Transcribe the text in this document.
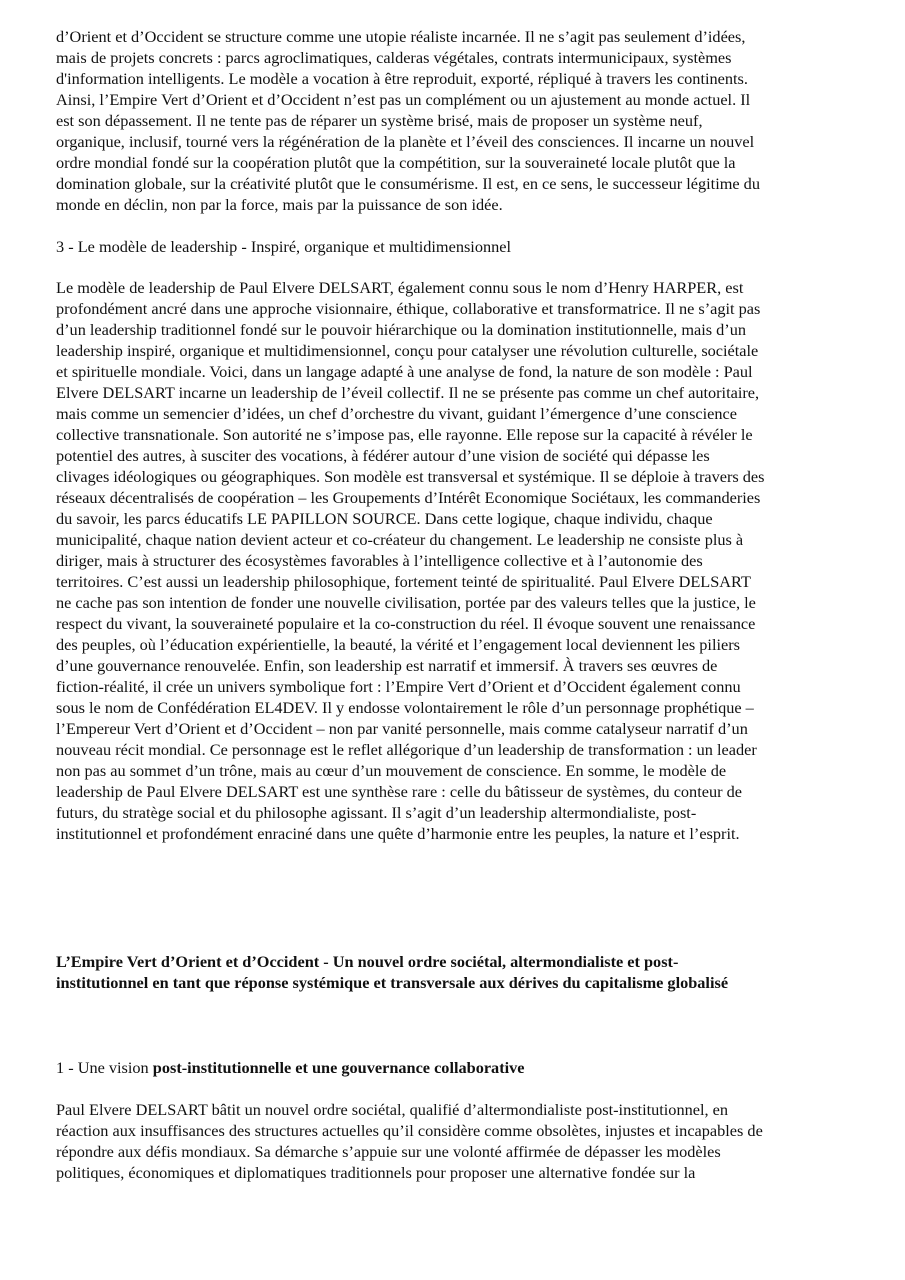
d’Orient et d’Occident se structure comme une utopie réaliste incarnée. Il ne s’agit pas seulement d’idées,
mais de projets concrets : parcs agroclimatiques, calderas végétales, contrats intermunicipaux, systèmes
d'information intelligents. Le modèle a vocation à être reproduit, exporté, répliqué à travers les continents.
Ainsi, l’Empire Vert d’Orient et d’Occident n’est pas un complément ou un ajustement au monde actuel. Il
est son dépassement. Il ne tente pas de réparer un système brisé, mais de proposer un système neuf,
organique, inclusif, tourné vers la régénération de la planète et l’éveil des consciences. Il incarne un nouvel
ordre mondial fondé sur la coopération plutôt que la compétition, sur la souveraineté locale plutôt que la
domination globale, sur la créativité plutôt que le consumérisme. Il est, en ce sens, le successeur légitime du
monde en déclin, non par la force, mais par la puissance de son idée.
3 - Le modèle de leadership - Inspiré, organique et multidimensionnel
Le modèle de leadership de Paul Elvere DELSART, également connu sous le nom d’Henry HARPER, est
profondément ancré dans une approche visionnaire, éthique, collaborative et transformatrice. Il ne s’agit pas
d’un leadership traditionnel fondé sur le pouvoir hiérarchique ou la domination institutionnelle, mais d’un
leadership inspiré, organique et multidimensionnel, conçu pour catalyser une révolution culturelle, sociétale
et spirituelle mondiale. Voici, dans un langage adapté à une analyse de fond, la nature de son modèle : Paul
Elvere DELSART incarne un leadership de l’éveil collectif. Il ne se présente pas comme un chef autoritaire,
mais comme un semencier d’idées, un chef d’orchestre du vivant, guidant l’émergence d’une conscience
collective transnationale. Son autorité ne s’impose pas, elle rayonne. Elle repose sur la capacité à révéler le
potentiel des autres, à susciter des vocations, à fédérer autour d’une vision de société qui dépasse les
clivages idéologiques ou géographiques. Son modèle est transversal et systémique. Il se déploie à travers des
réseaux décentralisés de coopération – les Groupements d’Intérêt Economique Sociétaux, les commanderies
du savoir, les parcs éducatifs LE PAPILLON SOURCE. Dans cette logique, chaque individu, chaque
municipalité, chaque nation devient acteur et co-créateur du changement. Le leadership ne consiste plus à
diriger, mais à structurer des écosystèmes favorables à l’intelligence collective et à l’autonomie des
territoires. C’est aussi un leadership philosophique, fortement teinté de spiritualité. Paul Elvere DELSART
ne cache pas son intention de fonder une nouvelle civilisation, portée par des valeurs telles que la justice, le
respect du vivant, la souveraineté populaire et la co-construction du réel. Il évoque souvent une renaissance
des peuples, où l’éducation expérientielle, la beauté, la vérité et l’engagement local deviennent les piliers
d’une gouvernance renouvelée. Enfin, son leadership est narratif et immersif. À travers ses œuvres de
fiction-réalité, il crée un univers symbolique fort : l’Empire Vert d’Orient et d’Occident également connu
sous le nom de Confédération EL4DEV. Il y endosse volontairement le rôle d’un personnage prophétique –
l’Empereur Vert d’Orient et d’Occident – non par vanité personnelle, mais comme catalyseur narratif d’un
nouveau récit mondial. Ce personnage est le reflet allégorique d’un leadership de transformation : un leader
non pas au sommet d’un trône, mais au cœur d’un mouvement de conscience. En somme, le modèle de
leadership de Paul Elvere DELSART est une synthèse rare : celle du bâtisseur de systèmes, du conteur de
futurs, du stratège social et du philosophe agissant. Il s’agit d’un leadership altermondialiste, post-
institutionnel et profondément enraciné dans une quête d’harmonie entre les peuples, la nature et l’esprit.
L’Empire Vert d’Orient et d’Occident - Un nouvel ordre sociétal, altermondialiste et post-
institutionnel en tant que réponse systémique et transversale aux dérives du capitalisme globalisé
1 - Une vision post-institutionnelle et une gouvernance collaborative
Paul Elvere DELSART bâtit un nouvel ordre sociétal, qualifié d’altermondialiste post-institutionnel, en
réaction aux insuffisances des structures actuelles qu’il considère comme obsolètes, injustes et incapables de
répondre aux défis mondiaux. Sa démarche s’appuie sur une volonté affirmée de dépasser les modèles
politiques, économiques et diplomatiques traditionnels pour proposer une alternative fondée sur la
